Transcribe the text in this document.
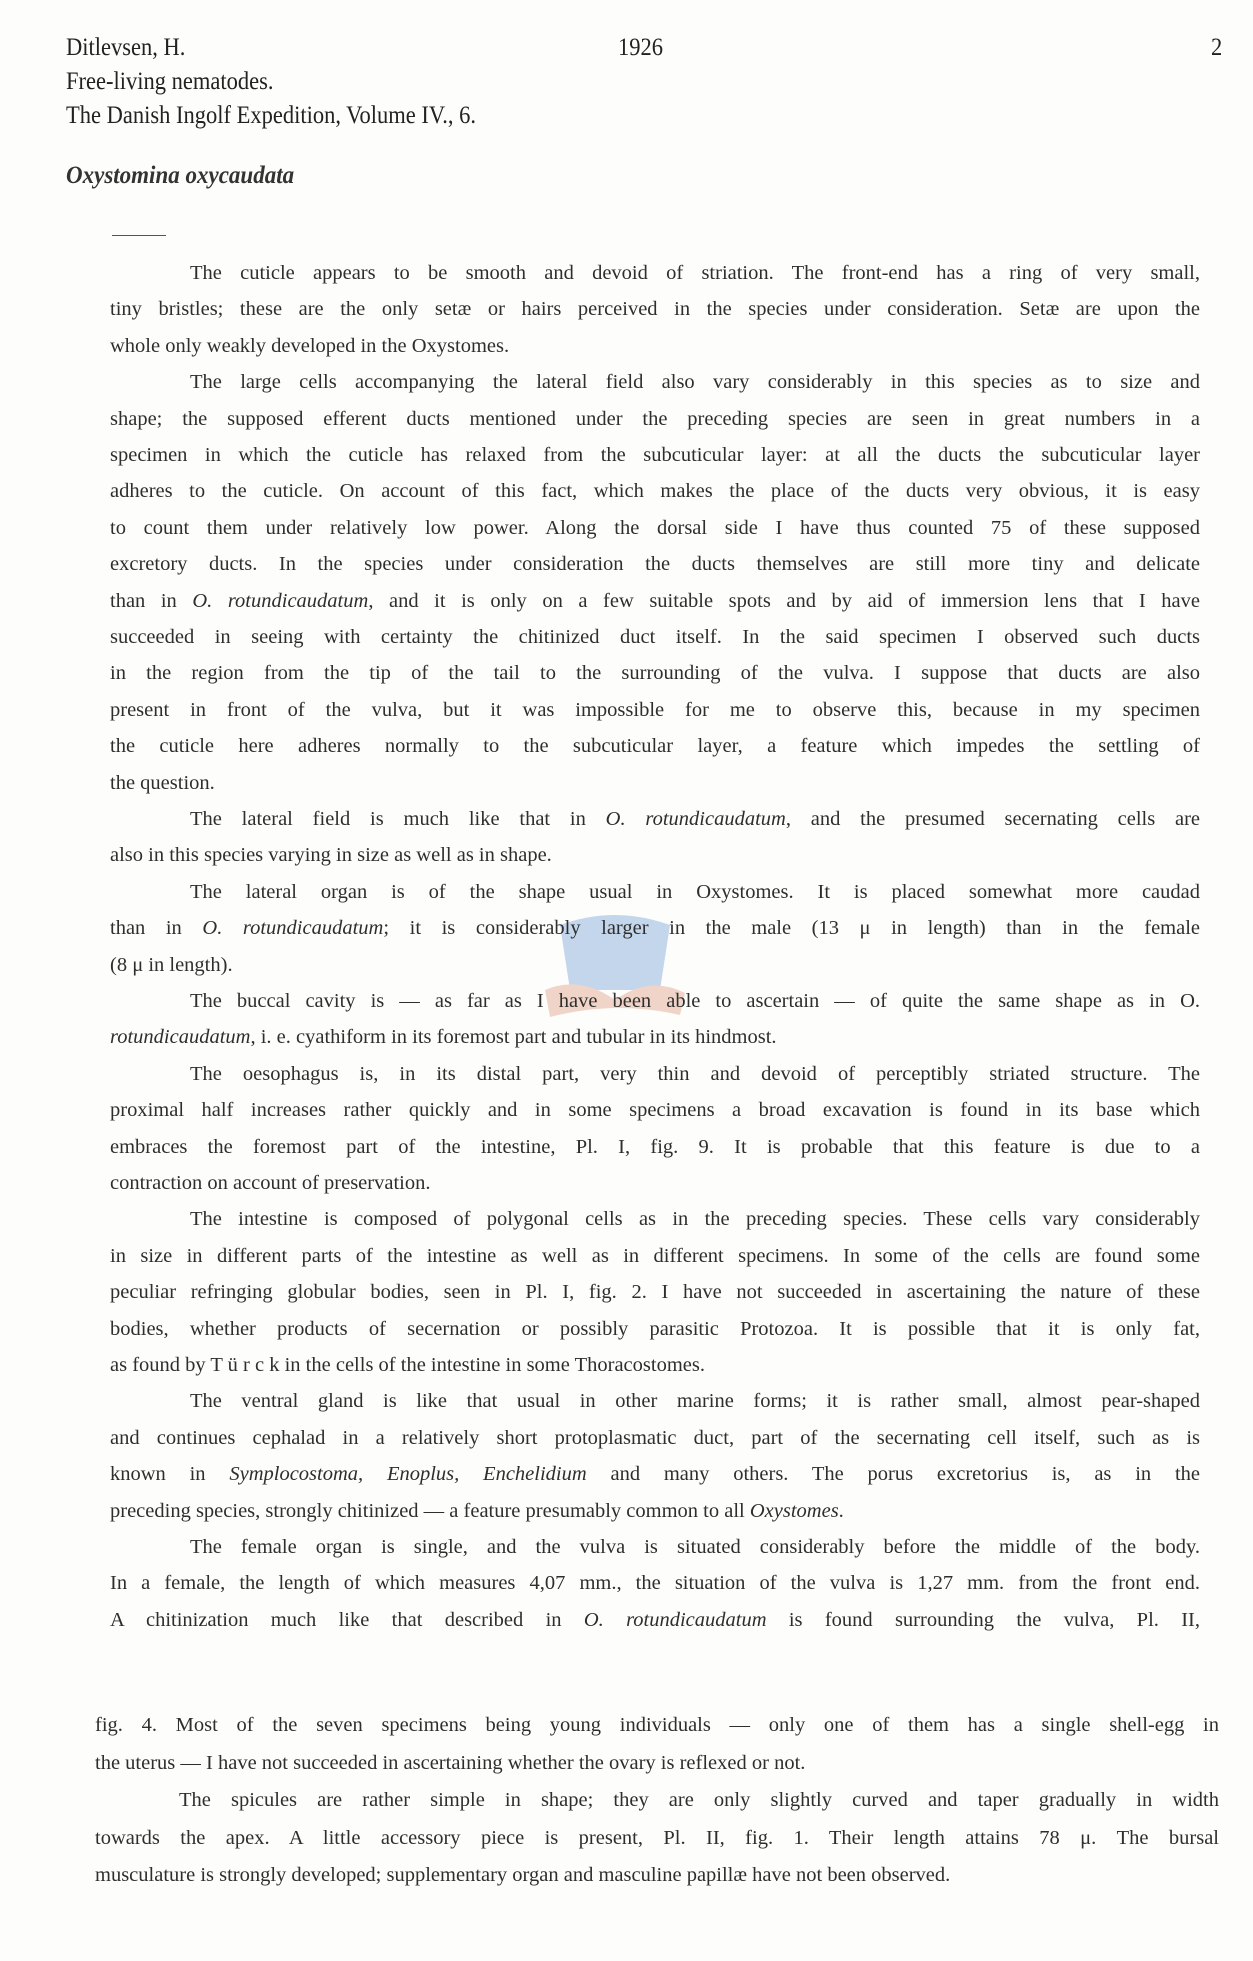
Ditlevsen, H.	1926	2
Free-living nematodes.
The Danish Ingolf Expedition, Volume IV., 6.
Oxystomina oxycaudata
The cuticle appears to be smooth and devoid of striation. The front-end has a ring of very small,
tiny bristles; these are the only setæ or hairs perceived in the species under consideration. Setæ are upon the
whole only weakly developed in the Oxystomes.
The large cells accompanying the lateral field also vary considerably in this species as to size and
shape; the supposed efferent ducts mentioned under the preceding species are seen in great numbers in a
specimen in which the cuticle has relaxed from the subcuticular layer: at all the ducts the subcuticular layer
adheres to the cuticle. On account of this fact, which makes the place of the ducts very obvious, it is easy
to count them under relatively low power. Along the dorsal side I have thus counted 75 of these supposed
excretory ducts. In the species under consideration the ducts themselves are still more tiny and delicate
than in O. rotundicaudatum, and it is only on a few suitable spots and by aid of immersion lens that I have
succeeded in seeing with certainty the chitinized duct itself. In the said specimen I observed such ducts
in the region from the tip of the tail to the surrounding of the vulva. I suppose that ducts are also
present in front of the vulva, but it was impossible for me to observe this, because in my specimen
the cuticle here adheres normally to the subcuticular layer, a feature which impedes the settling of
the question.
The lateral field is much like that in O. rotundicaudatum, and the presumed secernating cells are
also in this species varying in size as well as in shape.
The lateral organ is of the shape usual in Oxystomes. It is placed somewhat more caudad
than in O. rotundicaudatum; it is considerably larger in the male (13 μ in length) than in the female
(8 μ in length).
The buccal cavity is — as far as I have been able to ascertain — of quite the same shape as in O.
rotundicaudatum, i. e. cyathiform in its foremost part and tubular in its hindmost.
The oesophagus is, in its distal part, very thin and devoid of perceptibly striated structure. The
proximal half increases rather quickly and in some specimens a broad excavation is found in its base which
embraces the foremost part of the intestine, Pl. I, fig. 9. It is probable that this feature is due to a
contraction on account of preservation.
The intestine is composed of polygonal cells as in the preceding species. These cells vary considerably
in size in different parts of the intestine as well as in different specimens. In some of the cells are found some
peculiar refringing globular bodies, seen in Pl. I, fig. 2. I have not succeeded in ascertaining the nature of these
bodies, whether products of secernation or possibly parasitic Protozoa. It is possible that it is only fat,
as found by T ü r c k in the cells of the intestine in some Thoracostomes.
The ventral gland is like that usual in other marine forms; it is rather small, almost pear-shaped
and continues cephalad in a relatively short protoplasmatic duct, part of the secernating cell itself, such as is
known in Symplocostoma, Enoplus, Enchelidium and many others. The porus excretorius is, as in the
preceding species, strongly chitinized — a feature presumably common to all Oxystomes.
The female organ is single, and the vulva is situated considerably before the middle of the body.
In a female, the length of which measures 4,07 mm., the situation of the vulva is 1,27 mm. from the front end.
A chitinization much like that described in O. rotundicaudatum is found surrounding the vulva, Pl. II,
fig. 4. Most of the seven specimens being young individuals — only one of them has a single shell-egg in
the uterus — I have not succeeded in ascertaining whether the ovary is reflexed or not.
The spicules are rather simple in shape; they are only slightly curved and taper gradually in width
towards the apex. A little accessory piece is present, Pl. II, fig. 1. Their length attains 78 μ. The bursal
musculature is strongly developed; supplementary organ and masculine papillæ have not been observed.
